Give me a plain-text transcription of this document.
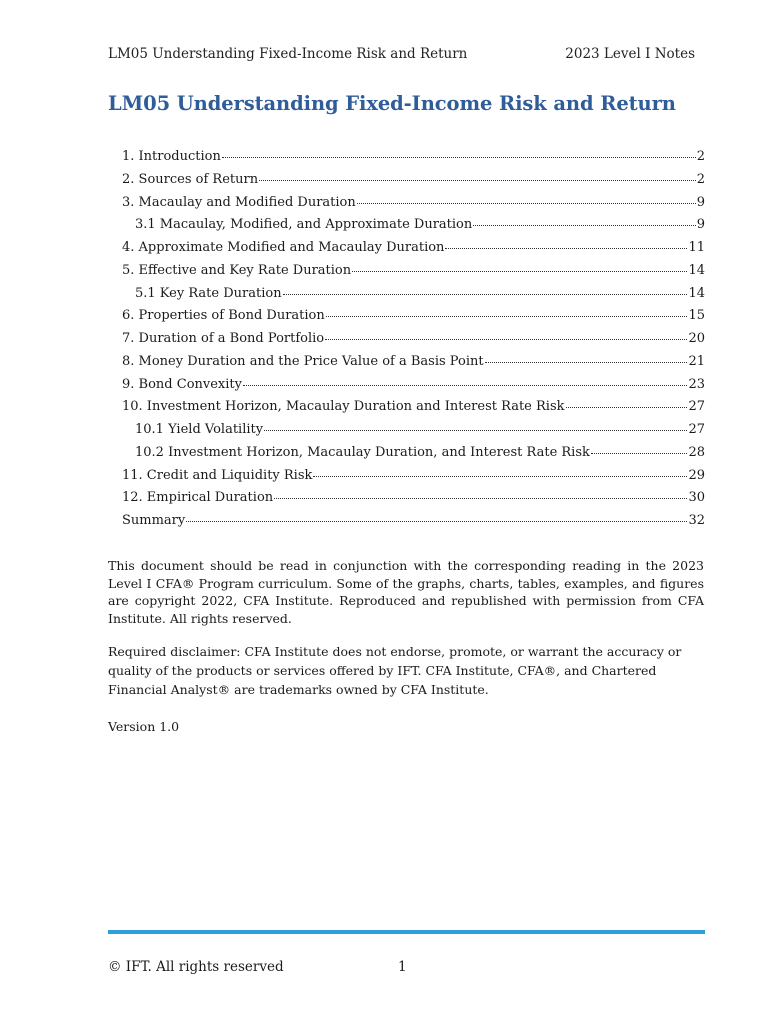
LM05 Understanding Fixed-Income Risk and Return	2023 Level I Notes
LM05 Understanding Fixed-Income Risk and Return
1. Introduction	2
2. Sources of Return	2
3. Macaulay and Modified Duration	9
3.1 Macaulay, Modified, and Approximate Duration	9
4. Approximate Modified and Macaulay Duration	11
5. Effective and Key Rate Duration	14
5.1 Key Rate Duration	14
6. Properties of Bond Duration	15
7. Duration of a Bond Portfolio	20
8. Money Duration and the Price Value of a Basis Point	21
9. Bond Convexity	23
10. Investment Horizon, Macaulay Duration and Interest Rate Risk	27
10.1 Yield Volatility	27
10.2 Investment Horizon, Macaulay Duration, and Interest Rate Risk	28
11. Credit and Liquidity Risk	29
12. Empirical Duration	30
Summary	32

This document should be read in conjunction with the corresponding reading in the 2023 Level I CFA® Program curriculum. Some of the graphs, charts, tables, examples, and figures are copyright 2022, CFA Institute. Reproduced and republished with permission from CFA Institute. All rights reserved.

Required disclaimer: CFA Institute does not endorse, promote, or warrant the accuracy or quality of the products or services offered by IFT. CFA Institute, CFA®, and Chartered Financial Analyst® are trademarks owned by CFA Institute.

Version 1.0

© IFT. All rights reserved	1
